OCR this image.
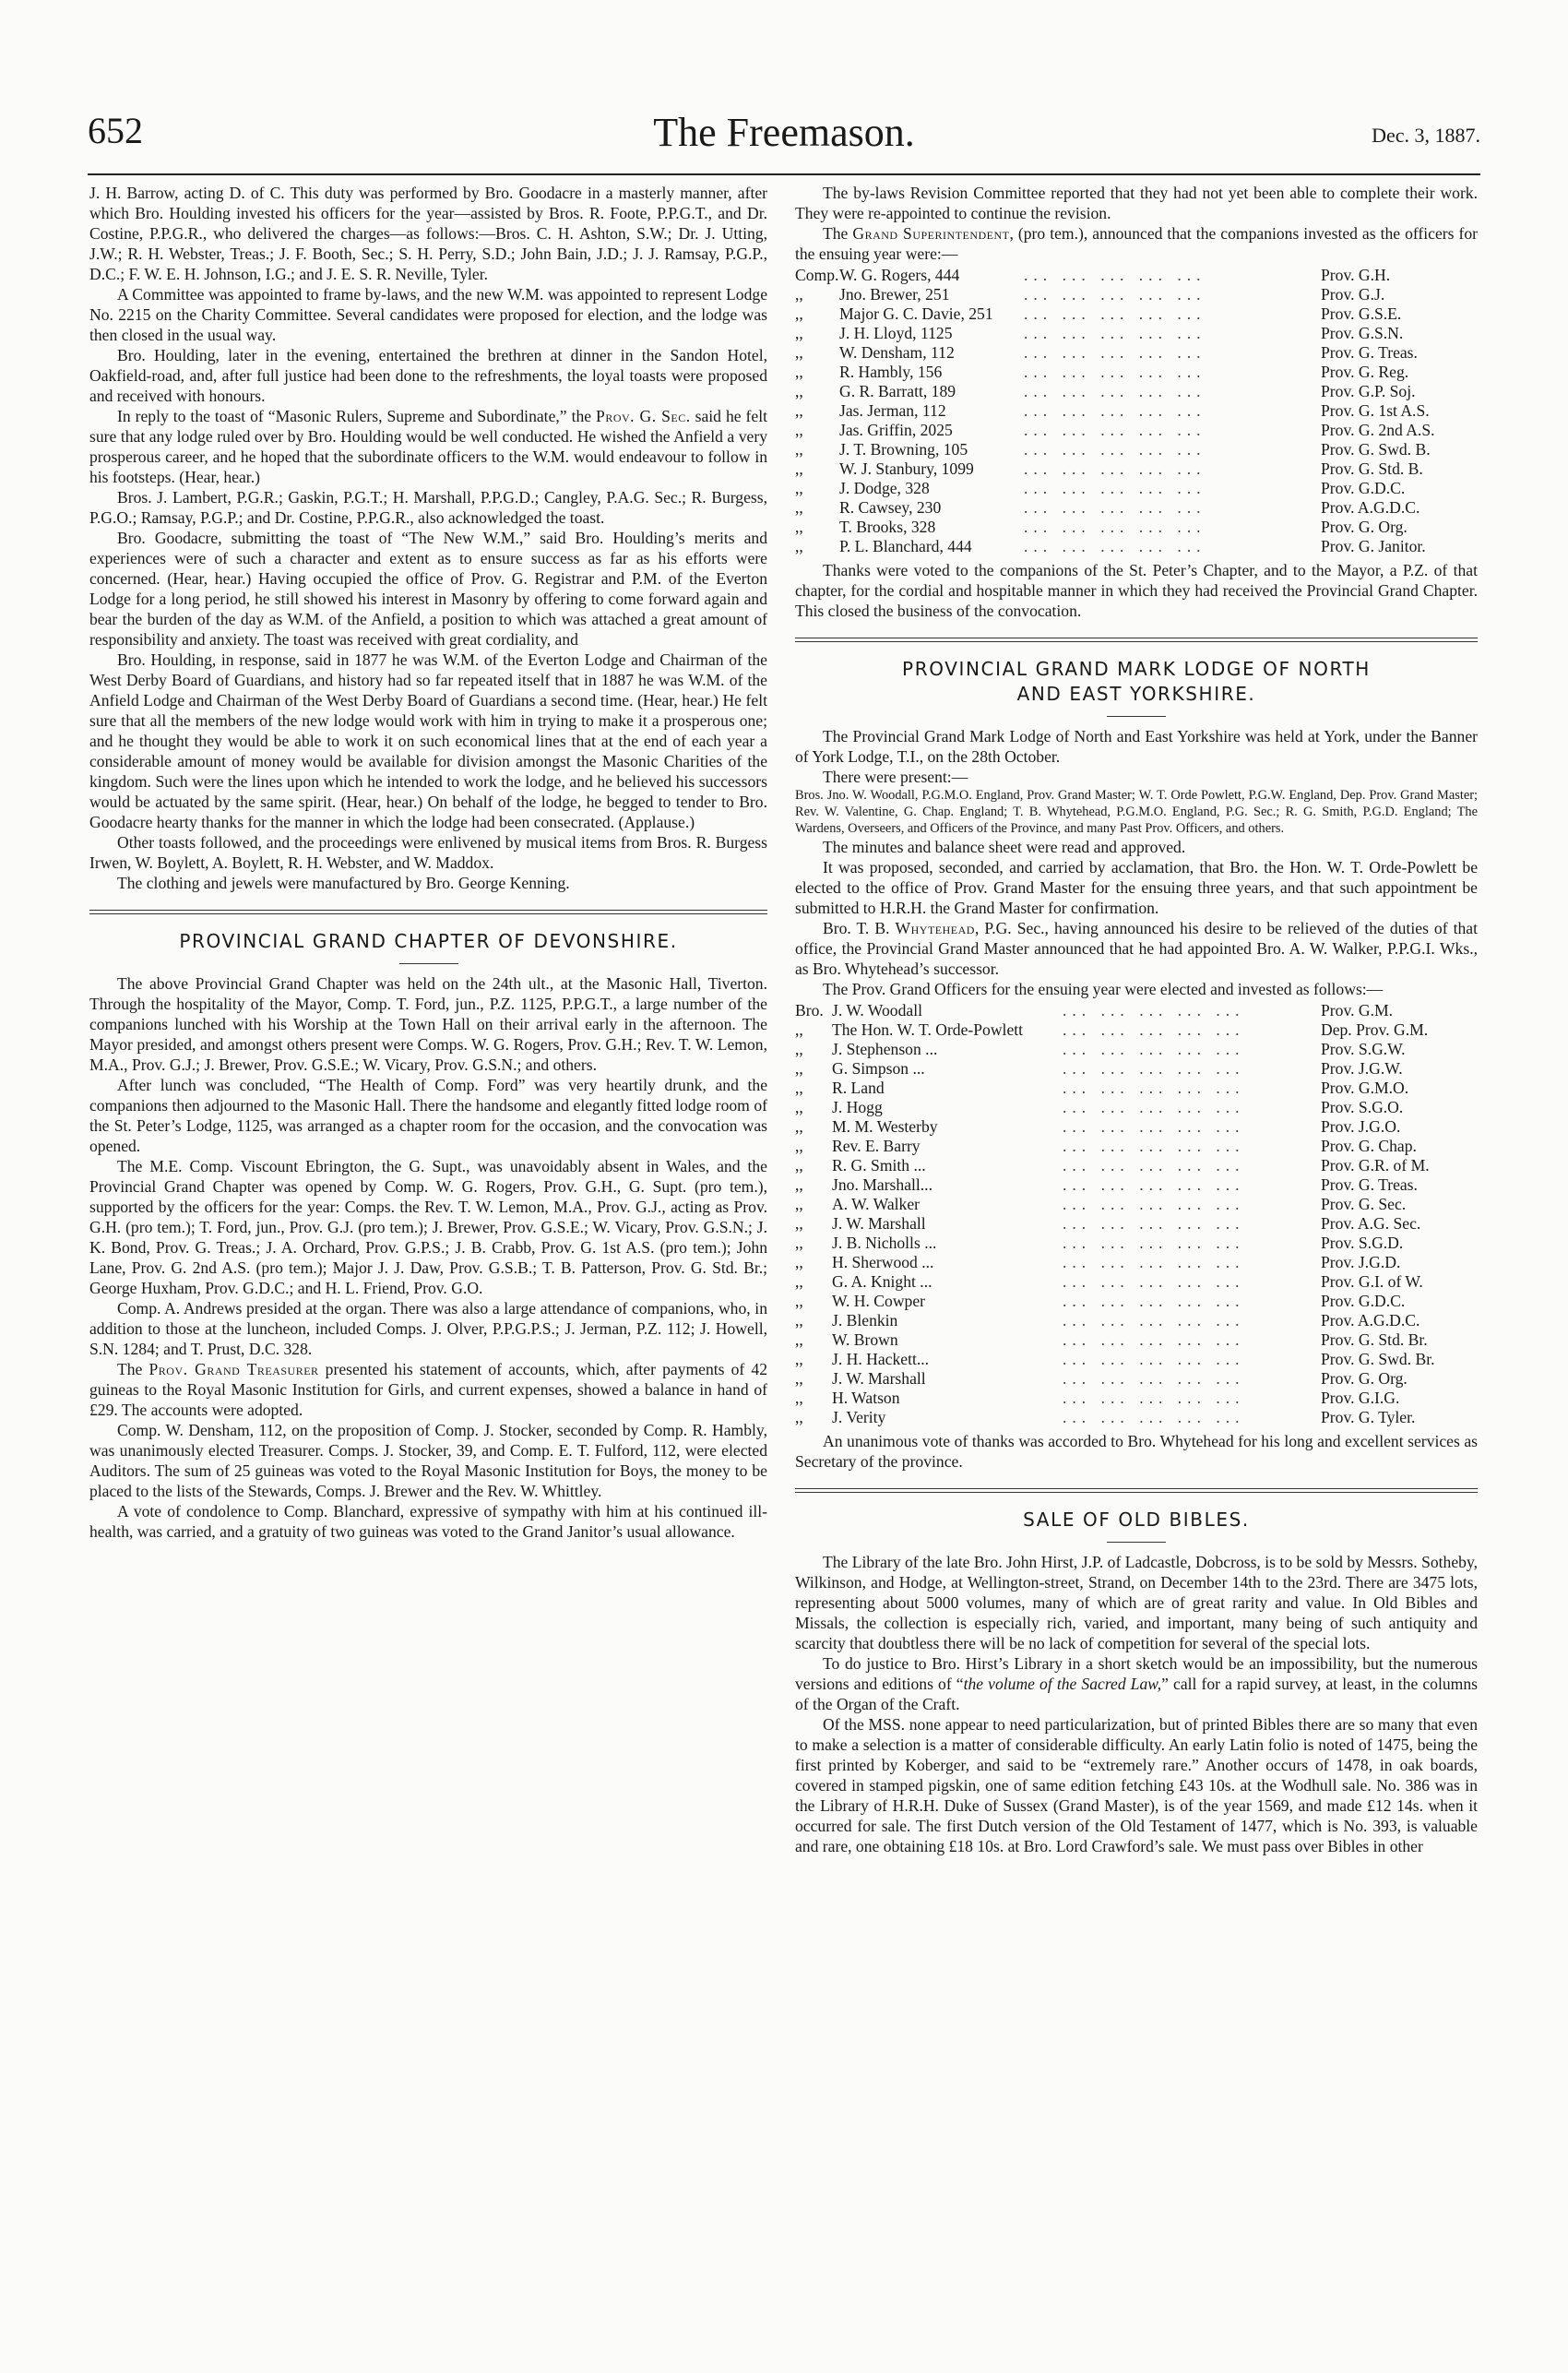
652	The Freemason.	Dec. 3, 1887.

J. H. Barrow, acting D. of C. This duty was performed by Bro. Goodacre in a masterly manner, after which Bro. Houlding invested his officers for the year—assisted by Bros. R. Foote, P.P.G.T., and Dr. Costine, P.P.G.R., who delivered the charges—as follows:—Bros. C. H. Ashton, S.W.; Dr. J. Utting, J.W.; R. H. Webster, Treas.; J. F. Booth, Sec.; S. H. Perry, S.D.; John Bain, J.D.; J. J. Ramsay, P.G.P., D.C.; F. W. E. H. Johnson, I.G.; and J. E. S. R. Neville, Tyler.

A Committee was appointed to frame by-laws, and the new W.M. was appointed to represent Lodge No. 2215 on the Charity Committee. Several candidates were proposed for election, and the lodge was then closed in the usual way.

Bro. Houlding, later in the evening, entertained the brethren at dinner in the Sandon Hotel, Oakfield-road, and, after full justice had been done to the refreshments, the loyal toasts were proposed and received with honours.

In reply to the toast of “Masonic Rulers, Supreme and Subordinate,” the Prov. G. Sec. said he felt sure that any lodge ruled over by Bro. Houlding would be well conducted. He wished the Anfield a very prosperous career, and he hoped that the subordinate officers to the W.M. would endeavour to follow in his footsteps. (Hear, hear.)

Bros. J. Lambert, P.G.R.; Gaskin, P.G.T.; H. Marshall, P.P.G.D.; Cangley, P.A.G. Sec.; R. Burgess, P.G.O.; Ramsay, P.G.P.; and Dr. Costine, P.P.G.R., also acknowledged the toast.

Bro. Goodacre, submitting the toast of “The New W.M.,” said Bro. Houlding’s merits and experiences were of such a character and extent as to ensure success as far as his efforts were concerned. (Hear, hear.) Having occupied the office of Prov. G. Registrar and P.M. of the Everton Lodge for a long period, he still showed his interest in Masonry by offering to come forward again and bear the burden of the day as W.M. of the Anfield, a position to which was attached a great amount of responsibility and anxiety. The toast was received with great cordiality, and

Bro. Houlding, in response, said in 1877 he was W.M. of the Everton Lodge and Chairman of the West Derby Board of Guardians, and history had so far repeated itself that in 1887 he was W.M. of the Anfield Lodge and Chairman of the West Derby Board of Guardians a second time. (Hear, hear.) He felt sure that all the members of the new lodge would work with him in trying to make it a prosperous one; and he thought they would be able to work it on such economical lines that at the end of each year a considerable amount of money would be available for division amongst the Masonic Charities of the kingdom. Such were the lines upon which he intended to work the lodge, and he believed his successors would be actuated by the same spirit. (Hear, hear.) On behalf of the lodge, he begged to tender to Bro. Goodacre hearty thanks for the manner in which the lodge had been consecrated. (Applause.)

Other toasts followed, and the proceedings were enlivened by musical items from Bros. R. Burgess Irwen, W. Boylett, A. Boylett, R. H. Webster, and W. Maddox.

The clothing and jewels were manufactured by Bro. George Kenning.

PROVINCIAL GRAND CHAPTER OF DEVONSHIRE.

The above Provincial Grand Chapter was held on the 24th ult., at the Masonic Hall, Tiverton. Through the hospitality of the Mayor, Comp. T. Ford, jun., P.Z. 1125, P.P.G.T., a large number of the companions lunched with his Worship at the Town Hall on their arrival early in the afternoon. The Mayor presided, and amongst others present were Comps. W. G. Rogers, Prov. G.H.; Rev. T. W. Lemon, M.A., Prov. G.J.; J. Brewer, Prov. G.S.E.; W. Vicary, Prov. G.S.N.; and others.

After lunch was concluded, “The Health of Comp. Ford” was very heartily drunk, and the companions then adjourned to the Masonic Hall. There the handsome and elegantly fitted lodge room of the St. Peter’s Lodge, 1125, was arranged as a chapter room for the occasion, and the convocation was opened.

The M.E. Comp. Viscount Ebrington, the G. Supt., was unavoidably absent in Wales, and the Provincial Grand Chapter was opened by Comp. W. G. Rogers, Prov. G.H., G. Supt. (pro tem.), supported by the officers for the year: Comps. the Rev. T. W. Lemon, M.A., Prov. G.J., acting as Prov. G.H. (pro tem.); T. Ford, jun., Prov. G.J. (pro tem.); J. Brewer, Prov. G.S.E.; W. Vicary, Prov. G.S.N.; J. K. Bond, Prov. G. Treas.; J. A. Orchard, Prov. G.P.S.; J. B. Crabb, Prov. G. 1st A.S. (pro tem.); John Lane, Prov. G. 2nd A.S. (pro tem.); Major J. J. Daw, Prov. G.S.B.; T. B. Patterson, Prov. G. Std. Br.; George Huxham, Prov. G.D.C.; and H. L. Friend, Prov. G.O.

Comp. A. Andrews presided at the organ. There was also a large attendance of companions, who, in addition to those at the luncheon, included Comps. J. Olver, P.P.G.P.S.; J. Jerman, P.Z. 112; J. Howell, S.N. 1284; and T. Prust, D.C. 328.

The Prov. Grand Treasurer presented his statement of accounts, which, after payments of 42 guineas to the Royal Masonic Institution for Girls, and current expenses, showed a balance in hand of £29. The accounts were adopted.

Comp. W. Densham, 112, on the proposition of Comp. J. Stocker, seconded by Comp. R. Hambly, was unanimously elected Treasurer. Comps. J. Stocker, 39, and Comp. E. T. Fulford, 112, were elected Auditors. The sum of 25 guineas was voted to the Royal Masonic Institution for Boys, the money to be placed to the lists of the Stewards, Comps. J. Brewer and the Rev. W. Whittley.

A vote of condolence to Comp. Blanchard, expressive of sympathy with him at his continued ill-health, was carried, and a gratuity of two guineas was voted to the Grand Janitor’s usual allowance.

The by-laws Revision Committee reported that they had not yet been able to complete their work. They were re-appointed to continue the revision.

The Grand Superintendent, (pro tem.), announced that the companions invested as the officers for the ensuing year were:—

Comp. W. G. Rogers, 444	... ... ... ... ...	Prov. G.H.
,,	Jno. Brewer, 251	... ... ... ... ...	Prov. G.J.
,,	Major G. C. Davie, 251	... ... ... ... ...	Prov. G.S.E.
,,	J. H. Lloyd, 1125	... ... ... ... ...	Prov. G.S.N.
,,	W. Densham, 112	... ... ... ... ...	Prov. G. Treas.
,,	R. Hambly, 156	... ... ... ... ...	Prov. G. Reg.
,,	G. R. Barratt, 189	... ... ... ... ...	Prov. G.P. Soj.
,,	Jas. Jerman, 112	... ... ... ... ...	Prov. G. 1st A.S.
,,	Jas. Griffin, 2025	... ... ... ... ...	Prov. G. 2nd A.S.
,,	J. T. Browning, 105	... ... ... ... ...	Prov. G. Swd. B.
,,	W. J. Stanbury, 1099	... ... ... ... ...	Prov. G. Std. B.
,,	J. Dodge, 328	... ... ... ... ...	Prov. G.D.C.
,,	R. Cawsey, 230	... ... ... ... ...	Prov. A.G.D.C.
,,	T. Brooks, 328	... ... ... ... ...	Prov. G. Org.
,,	P. L. Blanchard, 444	... ... ... ... ...	Prov. G. Janitor.

Thanks were voted to the companions of the St. Peter’s Chapter, and to the Mayor, a P.Z. of that chapter, for the cordial and hospitable manner in which they had received the Provincial Grand Chapter. This closed the business of the convocation.

PROVINCIAL GRAND MARK LODGE OF NORTH
AND EAST YORKSHIRE.

The Provincial Grand Mark Lodge of North and East Yorkshire was held at York, under the Banner of York Lodge, T.I., on the 28th October.

There were present:—

Bros. Jno. W. Woodall, P.G.M.O. England, Prov. Grand Master; W. T. Orde Powlett, P.G.W. England, Dep. Prov. Grand Master; Rev. W. Valentine, G. Chap. England; T. B. Whytehead, P.G.M.O. England, P.G. Sec.; R. G. Smith, P.G.D. England; The Wardens, Overseers, and Officers of the Province, and many Past Prov. Officers, and others.

The minutes and balance sheet were read and approved.

It was proposed, seconded, and carried by acclamation, that Bro. the Hon. W. T. Orde-Powlett be elected to the office of Prov. Grand Master for the ensuing three years, and that such appointment be submitted to H.R.H. the Grand Master for confirmation.

Bro. T. B. Whytehead, P.G. Sec., having announced his desire to be relieved of the duties of that office, the Provincial Grand Master announced that he had appointed Bro. A. W. Walker, P.P.G.I. Wks., as Bro. Whytehead’s successor.

The Prov. Grand Officers for the ensuing year were elected and invested as follows:—

Bro. J. W. Woodall	... ... ... ... ...	Prov. G.M.
,,	The Hon. W. T. Orde-Powlett	... ... ... ... ...	Dep. Prov. G.M.
,,	J. Stephenson ...	... ... ... ... ...	Prov. S.G.W.
,,	G. Simpson ...	... ... ... ... ...	Prov. J.G.W.
,,	R. Land	... ... ... ... ...	Prov. G.M.O.
,,	J. Hogg	... ... ... ... ...	Prov. S.G.O.
,,	M. M. Westerby	... ... ... ... ...	Prov. J.G.O.
,,	Rev. E. Barry	... ... ... ... ...	Prov. G. Chap.
,,	R. G. Smith ...	... ... ... ... ...	Prov. G.R. of M.
,,	Jno. Marshall...	... ... ... ... ...	Prov. G. Treas.
,,	A. W. Walker	... ... ... ... ...	Prov. G. Sec.
,,	J. W. Marshall	... ... ... ... ...	Prov. A.G. Sec.
,,	J. B. Nicholls ...	... ... ... ... ...	Prov. S.G.D.
,,	H. Sherwood ...	... ... ... ... ...	Prov. J.G.D.
,,	G. A. Knight ...	... ... ... ... ...	Prov. G.I. of W.
,,	W. H. Cowper	... ... ... ... ...	Prov. G.D.C.
,,	J. Blenkin	... ... ... ... ...	Prov. A.G.D.C.
,,	W. Brown	... ... ... ... ...	Prov. G. Std. Br.
,,	J. H. Hackett...	... ... ... ... ...	Prov. G. Swd. Br.
,,	J. W. Marshall	... ... ... ... ...	Prov. G. Org.
,,	H. Watson	... ... ... ... ...	Prov. G.I.G.
,,	J. Verity	... ... ... ... ...	Prov. G. Tyler.

An unanimous vote of thanks was accorded to Bro. Whytehead for his long and excellent services as Secretary of the province.

SALE OF OLD BIBLES.

The Library of the late Bro. John Hirst, J.P. of Ladcastle, Dobcross, is to be sold by Messrs. Sotheby, Wilkinson, and Hodge, at Wellington-street, Strand, on December 14th to the 23rd. There are 3475 lots, representing about 5000 volumes, many of which are of great rarity and value. In Old Bibles and Missals, the collection is especially rich, varied, and important, many being of such antiquity and scarcity that doubtless there will be no lack of competition for several of the special lots.

To do justice to Bro. Hirst’s Library in a short sketch would be an impossibility, but the numerous versions and editions of “the volume of the Sacred Law,” call for a rapid survey, at least, in the columns of the Organ of the Craft.

Of the MSS. none appear to need particularization, but of printed Bibles there are so many that even to make a selection is a matter of considerable difficulty. An early Latin folio is noted of 1475, being the first printed by Koberger, and said to be “extremely rare.” Another occurs of 1478, in oak boards, covered in stamped pigskin, one of same edition fetching £43 10s. at the Wodhull sale. No. 386 was in the Library of H.R.H. Duke of Sussex (Grand Master), is of the year 1569, and made £12 14s. when it occurred for sale. The first Dutch version of the Old Testament of 1477, which is No. 393, is valuable and rare, one obtaining £18 10s. at Bro. Lord Crawford’s sale. We must pass over Bibles in other
